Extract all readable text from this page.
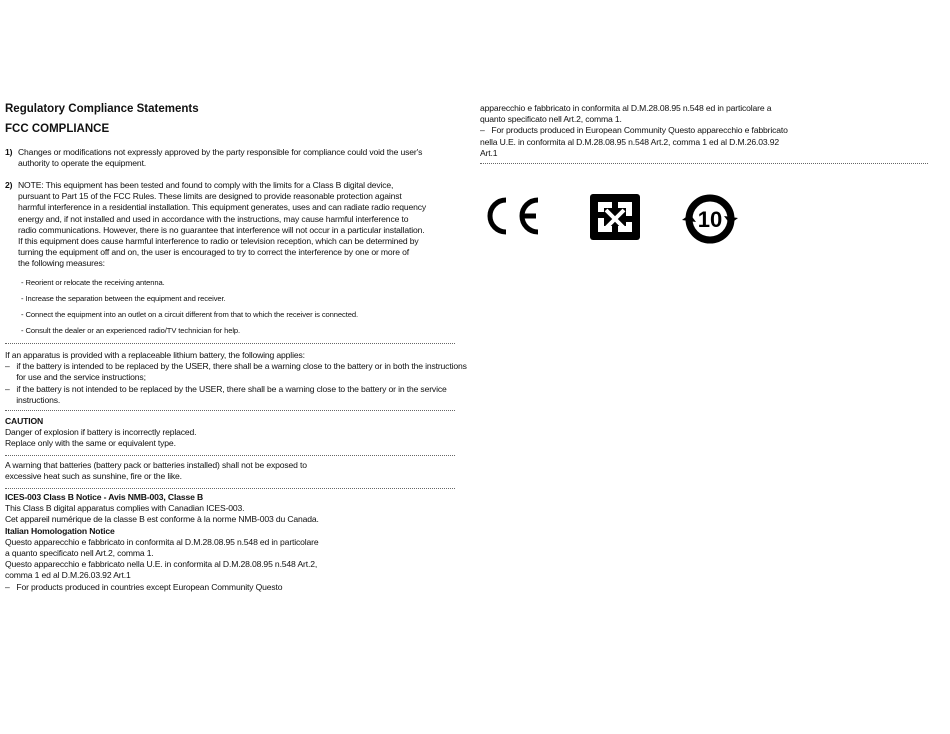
Regulatory Compliance Statements
FCC COMPLIANCE
1) Changes or modifications not expressly approved by the party responsible for compliance could void the user's
authority to operate the equipment.
2) NOTE: This equipment has been tested and found to comply with the limits for a Class B digital device,
pursuant to Part 15 of the FCC Rules. These limits are designed to provide reasonable protection against
harmful interference in a residential installation. This equipment generates, uses and can radiate radio requency
energy and, if not installed and used in accordance with the instructions, may cause harmful interference to
radio communications. However, there is no guarantee that interference will not occur in a particular installation.
If this equipment does cause harmful interference to radio or television reception, which can be determined by
turning the equipment off and on, the user is encouraged to try to correct the interference by one or more of
the following measures:
- Reorient or relocate the receiving antenna.
- Increase the separation between the equipment and receiver.
- Connect the equipment into an outlet on a circuit different from that to which the receiver is connected.
- Consult the dealer or an experienced radio/TV technician for help.
If an apparatus is provided with a replaceable lithium battery, the following applies:
–   if the battery is intended to be replaced by the USER, there shall be a warning close to the battery or in both the instructions
for use and the service instructions;
–   if the battery is not intended to be replaced by the USER, there shall be a warning close to the battery or in the service
instructions.
CAUTION
Danger of explosion if battery is incorrectly replaced.
Replace only with the same or equivalent type.
A warning that batteries (battery pack or batteries installed) shall not be exposed to
excessive heat such as sunshine, fire or the like.
ICES-003 Class B Notice - Avis NMB-003, Classe B
This Class B digital apparatus complies with Canadian ICES-003.
Cet appareil numérique de la classe B est conforme à la norme NMB-003 du Canada.
Italian Homologation Notice
Questo apparecchio e fabbricato in conformita al D.M.28.08.95 n.548 ed in particolare
a quanto specificato nell Art.2, comma 1.
Questo apparecchio e fabbricato nella U.E. in conformita al D.M.28.08.95 n.548 Art.2,
comma 1 ed al D.M.26.03.92 Art.1
–   For products produced in countries except European Community Questo
apparecchio e fabbricato in conformita al D.M.28.08.95 n.548 ed in particolare a
quanto specificato nell Art.2, comma 1.
–   For products produced in European Community Questo apparecchio e fabbricato
nella U.E. in conformita al D.M.28.08.95 n.548 Art.2, comma 1 ed al D.M.26.03.92
Art.1
10
